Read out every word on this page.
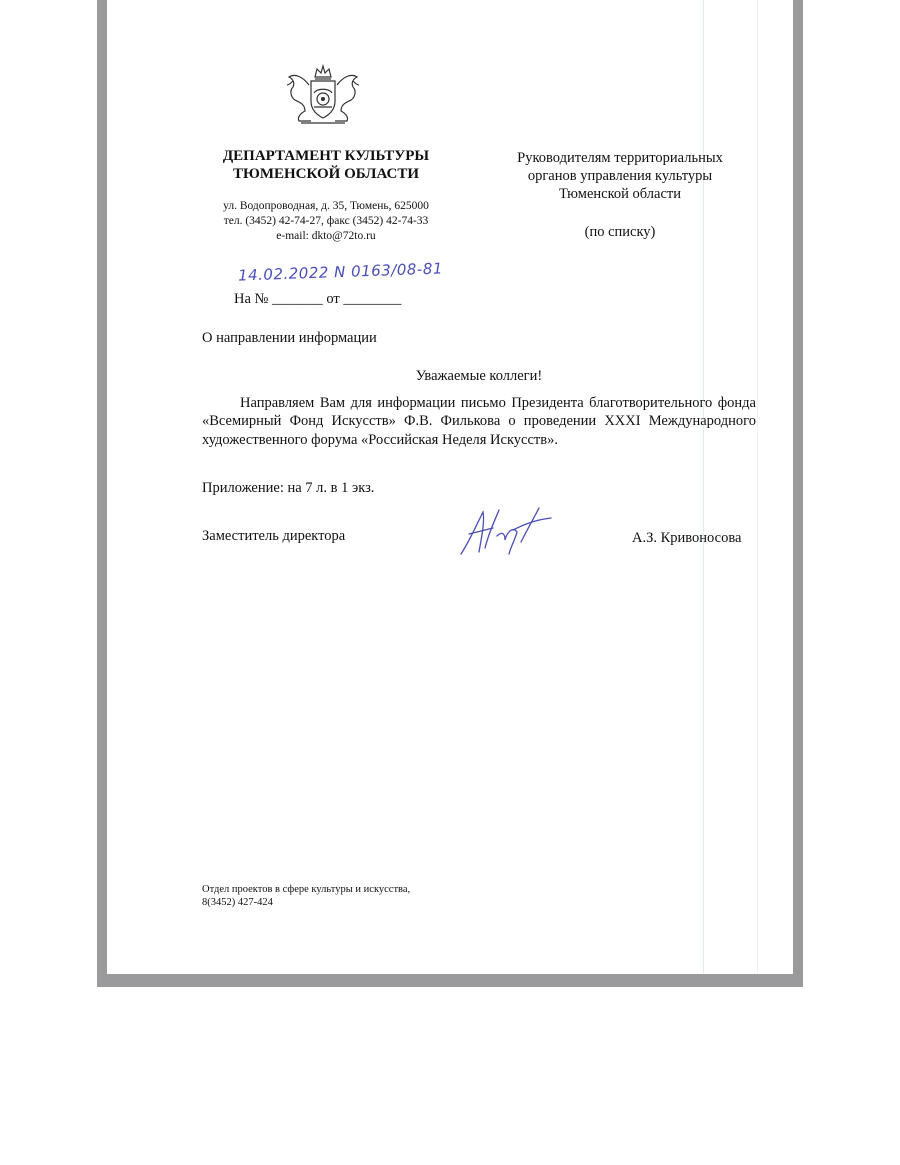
ДЕПАРТАМЕНТ КУЛЬТУРЫ
ТЮМЕНСКОЙ ОБЛАСТИ
ул. Водопроводная, д. 35, Тюмень, 625000
тел. (3452) 42-74-27, факс (3452) 42-74-33
e-mail: dkto@72to.ru
14.02.2022 N 0163/08-81
На № _______ от ________
Руководителям территориальных
органов управления культуры
Тюменской области
(по списку)
О направлении информации
Уважаемые коллеги!
Направляем Вам для информации письмо Президента благотворительного фонда «Всемирный Фонд Искусств» Ф.В. Филькова о проведении XXXI Международного художественного форума «Российская Неделя Искусств».
Приложение: на 7 л. в 1 экз.
Заместитель директора	А.З. Кривоносова
Отдел проектов в сфере культуры и искусства,
8(3452) 427-424
